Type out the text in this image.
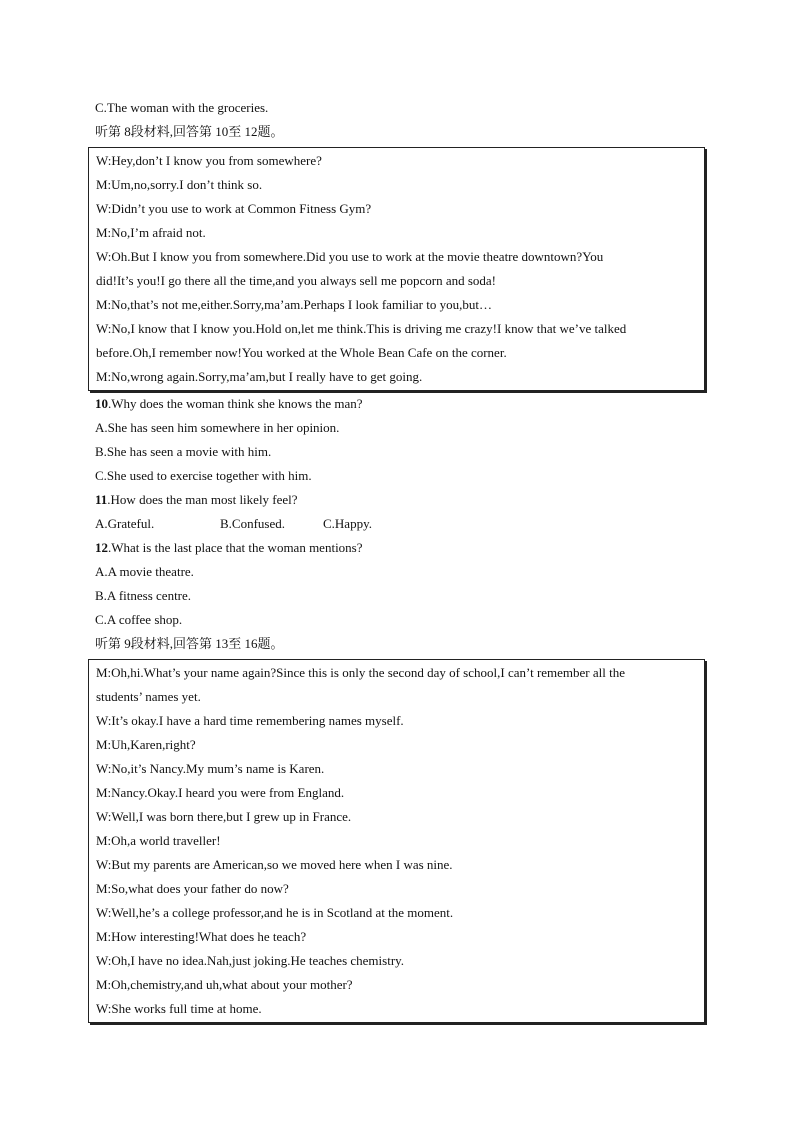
C.The woman with the groceries.
听第 8段材料,回答第 10至 12题。
W:Hey,don’t I know you from somewhere?
M:Um,no,sorry.I don’t think so.
W:Didn’t you use to work at Common Fitness Gym?
M:No,I’m afraid not.
W:Oh.But I know you from somewhere.Did you use to work at the movie theatre downtown?You
did!It’s you!I go there all the time,and you always sell me popcorn and soda!
M:No,that’s not me,either.Sorry,ma’am.Perhaps I look familiar to you,but…
W:No,I know that I know you.Hold on,let me think.This is driving me crazy!I know that we’ve talked
before.Oh,I remember now!You worked at the Whole Bean Cafe on the corner.
M:No,wrong again.Sorry,ma’am,but I really have to get going.
10.Why does the woman think she knows the man?
A.She has seen him somewhere in her opinion.
B.She has seen a movie with him.
C.She used to exercise together with him.
11.How does the man most likely feel?
A.Grateful.	B.Confused.	C.Happy.
12.What is the last place that the woman mentions?
A.A movie theatre.
B.A fitness centre.
C.A coffee shop.
听第 9段材料,回答第 13至 16题。
M:Oh,hi.What’s your name again?Since this is only the second day of school,I can’t remember all the
students’ names yet.
W:It’s okay.I have a hard time remembering names myself.
M:Uh,Karen,right?
W:No,it’s Nancy.My mum’s name is Karen.
M:Nancy.Okay.I heard you were from England.
W:Well,I was born there,but I grew up in France.
M:Oh,a world traveller!
W:But my parents are American,so we moved here when I was nine.
M:So,what does your father do now?
W:Well,he’s a college professor,and he is in Scotland at the moment.
M:How interesting!What does he teach?
W:Oh,I have no idea.Nah,just joking.He teaches chemistry.
M:Oh,chemistry,and uh,what about your mother?
W:She works full time at home.
